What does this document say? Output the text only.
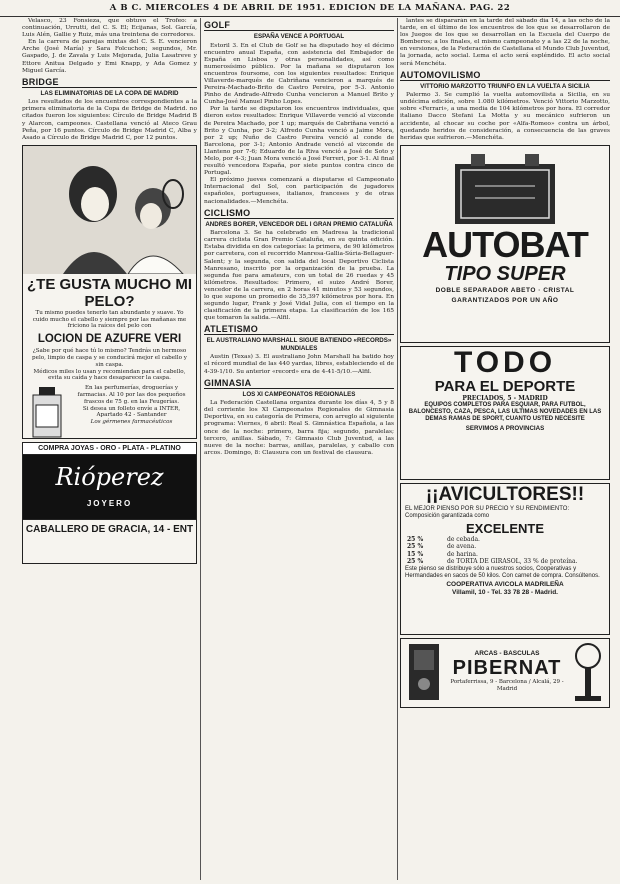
A B C. MIERCOLES 4 DE ABRIL DE 1951. EDICION DE LA MAÑANA. PAG. 22

Velasco, 23 Fonsieza, que obtuvo el Trofeo: a continuación, Urrutti, del C. S. El; Ecijanas, Sol. García, Luis Alén, Gallie y Ruiz, más una treintena de corredores.

En la carrera de parejas mixtas del C. S. E. vencieron Arche (José María) y Sara Folcuchon; segundos, Mr. Gaspado, J. de Zavala y Luis Mejorada, Julia Lasatreve y Ettore Anitua Delgado y Emi Knapp, y Ada Gomez y Miguel García.

BRIDGE
LAS ELIMINATORIAS DE LA COPA DE MADRID

Los resultados de los encuentros correspondientes a la primera eliminatoria de la Copa de Bridge de Madrid. no citados fueron los siguientes: Círculo de Bridge Madrid B y Alarcon, campeones. Castellana venció al Ateco Grau Peña, por 16 puntos. Círculo de Bridge Madrid C, Alba y Asado a Círculo de Bridge Madrid C, por 12 puntos.

¿TE GUSTA MUCHO MI PELO?

Tu mismo puedes tenerlo tan abundante y suave. Yo cuido mucho el cabello y siempre por las mañanas me friciono la raíces del pelo con

LOCION DE AZUFRE VERI

¿Sabe por qué hace tú lo mismo? Tendrás un hermoso pelo, limpio de caspa y se conducirá mejor el cabello y sin caspa.

Médicos miles lo usan y recomiendan para el cabello, evita su caída y hace desaparecer la caspa.

En las perfumerías, droguerías y farmacias. Al 10 por las dos pequeños frascos de 75 g. en las Feugerías.

Si desea un folleto envíe a INTER, Apartado 42 - Santander

Los gérmenes farmacéuticos

COMPRA JOYAS - ORO - PLATA - PLATINO
Rióperez
JOYERO
CABALLERO DE GRACIA, 14 - ENT
GOLF
ESPAÑA VENCE A PORTUGAL

Estoril 3. En el Club de Golf se ha disputado hoy el décimo encuentro anual España, con asistencia del Embajador de España en Lisboa y otras personalidades, así como numerosísimo público. Por la mañana se disputaron los encuentros foursome, con los siguientes resultados: Enrique Villaverde-marqués de Cabriñana vencieron a marqués de Pereira-Machado-Brito de Castro Pereira, por 5-3. Antonio Pinho de Andrade-Alfredo Cunha vencieron a Manuel Brito y Cunha-José Manuel Pinho Lopes.

Por la tarde se disputaron los encuentros individuales, que dieron estos resultados: Enrique Villaverde venció al vizconde de Pereira Machado, por 1 up; marqués de Cabriñana venció a Brito y Cunha, por 3-2; Alfredo Cunha venció a Jaime Mora, por 2 up; Nuño de Castro Pereira venció al conde de Barcelona, por 3-1; Antonio Andrade venció al vizconde de Llanteno por 7-6; Eduardo de la Riva venció a José de Soto y Melo, por 4-3; Juan Mora venció a José Ferreri, por 3-1. Al final resultó vencedora España, por siete puntos contra cinco de Portugal.

El próximo jueves comenzará a disputarse el Campeonato Internacional del Sol, con participación de jugadores españoles, portugueses, italianos, franceses y de otras nacionalidades.—Menchéta.

CICLISMO
ANDRES BORER, VENCEDOR DEL I GRAN PREMIO CATALUÑA

Barcelona 3. Se ha celebrado en Madresa la tradicional carrera ciclista Gran Premio Cataluña, en su quinta edición. Estaba dividida en dos categorías: la primera, de 90 kilómetros por carretera, con el recorrido Manresa-Gallia-Súria-Bellaguer-Salent; y la segunda, con salida del local Deportivo Ciclista Manresano, inscrito por la organización de la prueba. La segunda fue para amateurs, con un total de 26 ruedas y 45 kilómetros. Resultados: Primero, el suizo André Borer, vencedor de la carrera, en 2 horas 41 minutos y 53 segundos, lo que supone un promedio de 35,397 kilómetros por hora. En segundo lugar, Frank y José Vidal Julia, con el tiempo en la clasificación de la primera etapa. La clasificación de los 165 que tomaron la salida.—Alfil.

ATLETISMO
EL AUSTRALIANO MARSHALL SIGUE BATIENDO «RECORDS» MUNDIALES

Austin (Texas) 3. El australiano John Marshall ha batido hoy el récord mundial de las 440 yardas, libres, estableciendo el de 4-39-1/10. Su anterior «record» era de 4-41-5/10.—Alfil.

GIMNASIA
LOS XI CAMPEONATOS REGIONALES

La Federación Castellana organiza durante los días 4, 5 y 8 del corriente los XI Campeonatos Regionales de Gimnasia Deportiva, en su categoría de Primera, con arreglo al siguiente programa: Viernes, 6 abril: Real S. Gimnástica Española, a las once de la noche: primero, barra fija; segundo, paralelas; tercero, anillas. Sábado, 7: Gimnasio Club Juventud, a las nueve de la noche: barras, anillas, paralelas, y caballo con arcos. Domingo, 8: Clausura con un festival de clausura.

lantes se dispararán en la tarde del sábado día 14, a las ocho de la tarde, en el último de los encuentros de los que se desarrollaron de los Juegos de los que se desarrollan en la Escuela del Cuerpo de Bomberos; a los finales, el mismo campeonato y a las 22 de la noche, en versiones, de la Federación de Castellana el Mundo Club Juventud, la jornada, acto social. Lema el acto será espléndido. El acto social será Menchéta.

AUTOMOVILISMO
VITTORIO MARZOTTO TRIUNFO EN LA VUELTA A SICILIA

Palermo 3. Se cumplió la vuelta automovilista a Sicilia, en su undécima edición, sobre 1.080 kilómetros. Venció Vittorio Marzotto, sobre «Ferrari», a una media de 104 kilómetros por hora. El corredor italiano Dacco Stefani La Motta y su mecánico sufrieron un accidente, al chocar su coche por «Alfa-Romeo» contra un árbol, quedando heridos de consideración, a consecuencia de las graves heridas que sufrieron.—Menchéta.

AUTOBAT
TIPO SUPER
DOBLE SEPARADOR ABETO · CRISTAL
GARANTIZADOS POR UN AÑO
TODO
PARA EL DEPORTE
PRECIADOS, 5 - MADRID
EQUIPOS COMPLETOS PARA ESQUIAR, PARA FUTBOL, BALONCESTO, CAZA, PESCA, LAS ULTIMAS NOVEDADES EN LAS DEMAS RAMAS DE SPORT, CUANTO USTED NECESITE
SERVIMOS A PROVINCIAS
¡¡AVICULTORES!!
EL MEJOR PIENSO POR SU PRECIO Y SU RENDIMIENTO: Composición garantizada como
EXCELENTE
25 %	de cebada.
25 %	de avena.
15 %	de harina.
25 %	de TORTA DE GIRASOL, 33 % de proteína.
Este pienso se distribuye sólo a nuestros socios, Cooperativas y Hermandades en sacos de 50 kilos. Con carnet de compra. Consúltenos.
COOPERATIVA AVICOLA MADRILEÑA
Villamil, 10 - Tel. 33 78 28 - Madrid.
ARCAS - BASCULAS
PIBERNAT
Portaferrissa, 9 - Barcelona / Alcalá, 29 - Madrid
